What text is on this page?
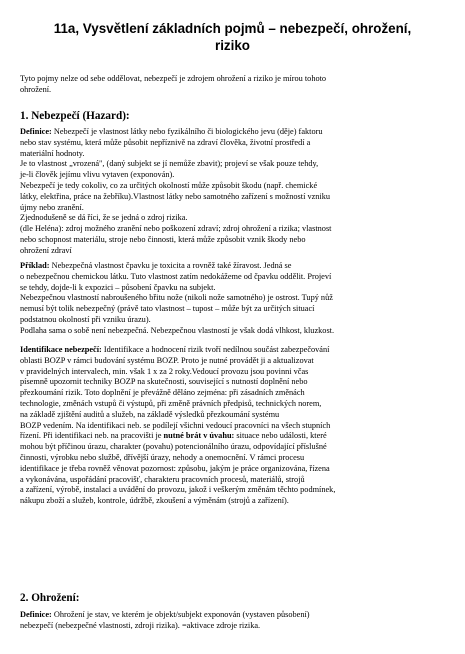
11a, Vysvětlení základních pojmů – nebezpečí, ohrožení,
riziko
Tyto pojmy nelze od sebe oddělovat, nebezpečí je zdrojem ohrožení a riziko je mírou tohoto
ohrožení.
1. Nebezpečí (Hazard):
Definice: Nebezpečí je vlastnost látky nebo fyzikálního či biologického jevu (děje) faktoru
nebo stav systému, která může působit nepříznivě na zdraví člověka, životní prostředí a
materiální hodnoty.
Je to vlastnost „vrozená", (daný subjekt se jí nemůže zbavit); projeví se však pouze tehdy,
je-li člověk jejímu vlivu vytaven (exponován).
Nebezpečí je tedy cokoliv, co za určitých okolností může způsobit škodu (např. chemické
látky, elektřina, práce na žebříku).Vlastnost látky nebo samotného zařízení s možností vzniku
újmy nebo zranění.
Zjednodušeně se dá říci, že se jedná o zdroj rizika.
(dle Heléna): zdroj možného zranění nebo poškození zdraví; zdroj ohrožení a rizika; vlastnost
nebo schopnost materiálu, stroje nebo činnosti, která může způsobit vznik škody nebo
ohrožení zdraví
Příklad: Nebezpečná vlastnost čpavku je toxicita a rovněž také žíravost. Jedná se
o nebezpečnou chemickou látku. Tuto vlastnost zatím nedokážeme od čpavku oddělit. Projeví
se tehdy, dojde-li k expozici – působení čpavku na subjekt.
Nebezpečnou vlastností nabroušeného břitu nože (nikoli nože samotného) je ostrost. Tupý nůž
nemusí být tolik nebezpečný (právě tato vlastnost – tupost – může být za určitých situací
podstatnou okolností při vzniku úrazu).
Podlaha sama o sobě není nebezpečná. Nebezpečnou vlastností je však dodá vlhkost, kluzkost.
Identifikace nebezpečí: Identifikace a hodnocení rizik tvoří nedílnou součást zabezpečování
oblasti BOZP v rámci budování systému BOZP. Proto je nutné provádět ji a aktualizovat
v pravidelných intervalech, min. však 1 x za 2 roky.Vedoucí provozu jsou povinni včas
písemně upozornit techniky BOZP na skutečnosti, související s nutností doplnění nebo
přezkoumání rizik. Toto doplnění je převážně děláno zejména: při zásadních změnách
technologie, změnách vstupů či výstupů, při změně právních předpisů, technických norem,
na základě zjištění auditů a služeb, na základě výsledků přezkoumání systému
BOZP vedením. Na identifikaci neb. se podílejí všichni vedoucí pracovníci na všech stupních
řízení. Při identifikaci neb. na pracovišti je nutné brát v úvahu: situace nebo události, které
mohou být příčinou úrazu, charakter (povahu) potencionálního úrazu, odpovídající příslušné
činnosti, výrobku nebo službě, dřívější úrazy, nehody a onemocnění. V rámci procesu
identifikace je třeba rovněž věnovat pozornost: způsobu, jakým je práce organizována, řízena
a vykonávána, uspořádání pracovišť, charakteru pracovních procesů, materiálů, strojů
a zařízení, výrobě, instalaci a uvádění do provozu, jakož i veškerým změnám těchto podmínek,
nákupu zboží a služeb, kontrole, údržbě, zkoušení a výměnám (strojů a zařízení).
2. Ohrožení:
Definice: Ohrožení je stav, ve kterém je objekt/subjekt exponován (vystaven působení)
nebezpečí (nebezpečné vlastnosti, zdroji rizika). =aktivace zdroje rizika.
